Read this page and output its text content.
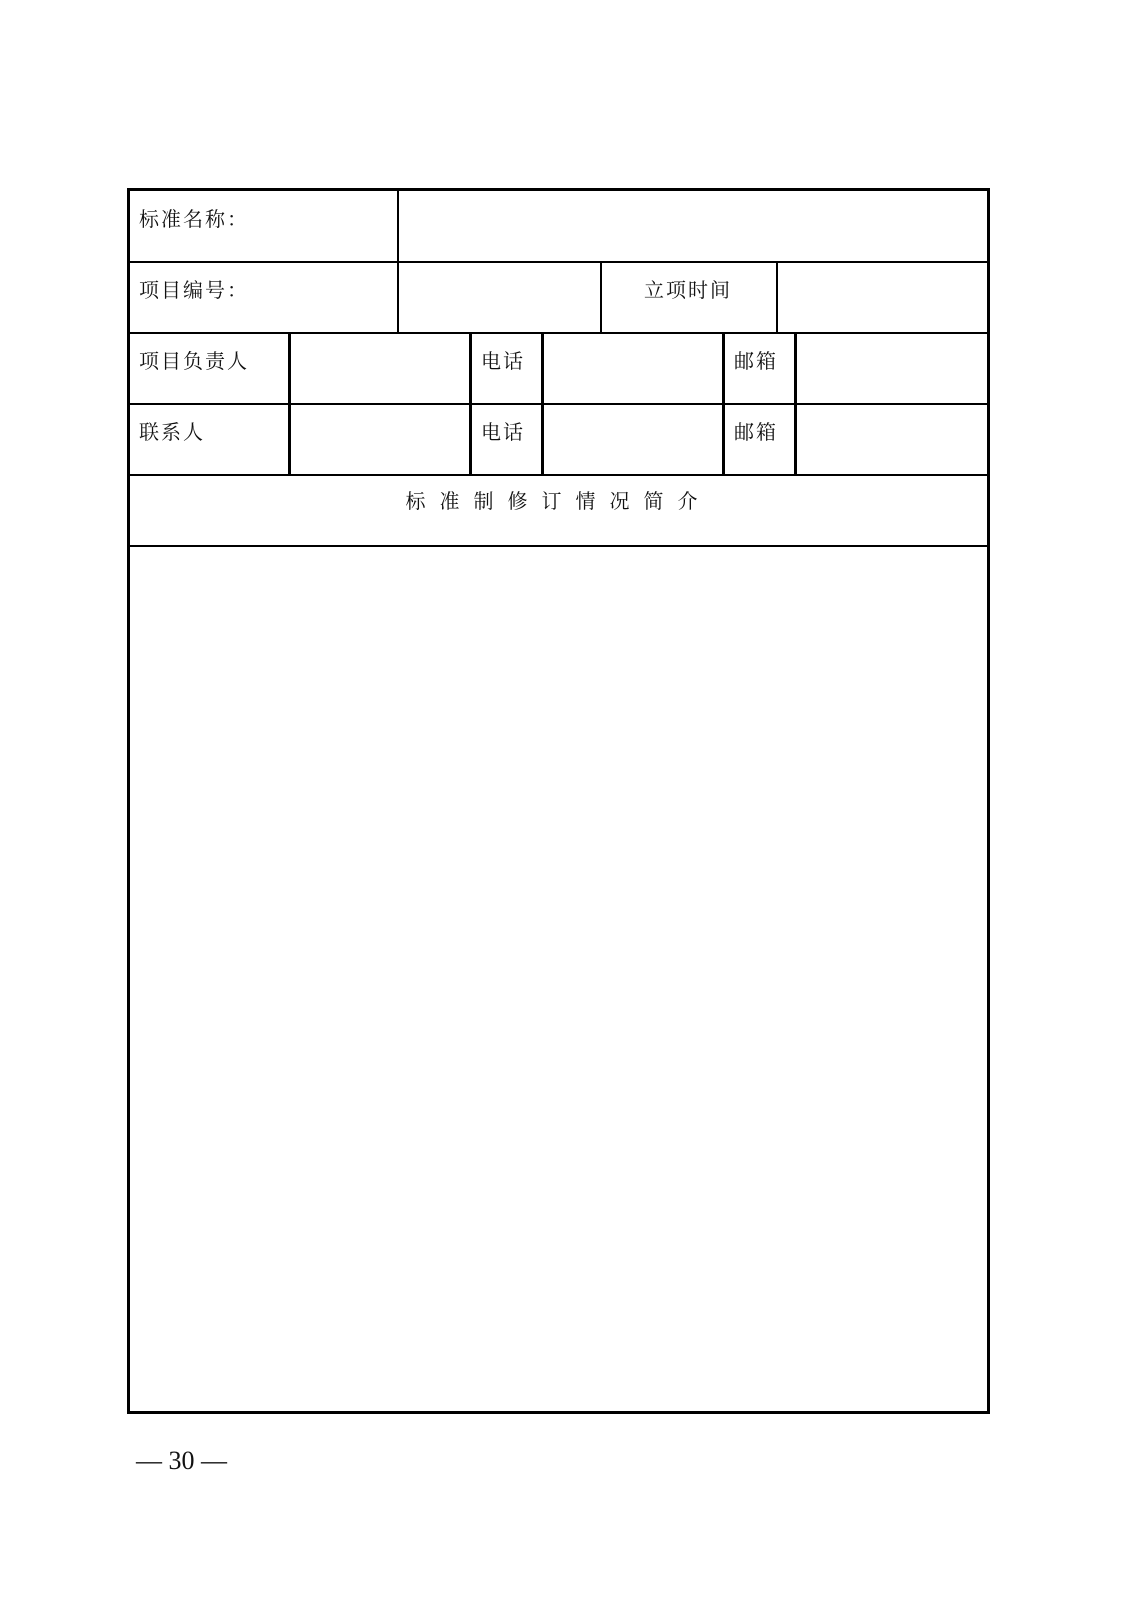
标准名称：
项目编号：	立项时间
项目负责人	电话	邮箱
联系人	电话	邮箱
标准制修订情况简介
— 30 —
